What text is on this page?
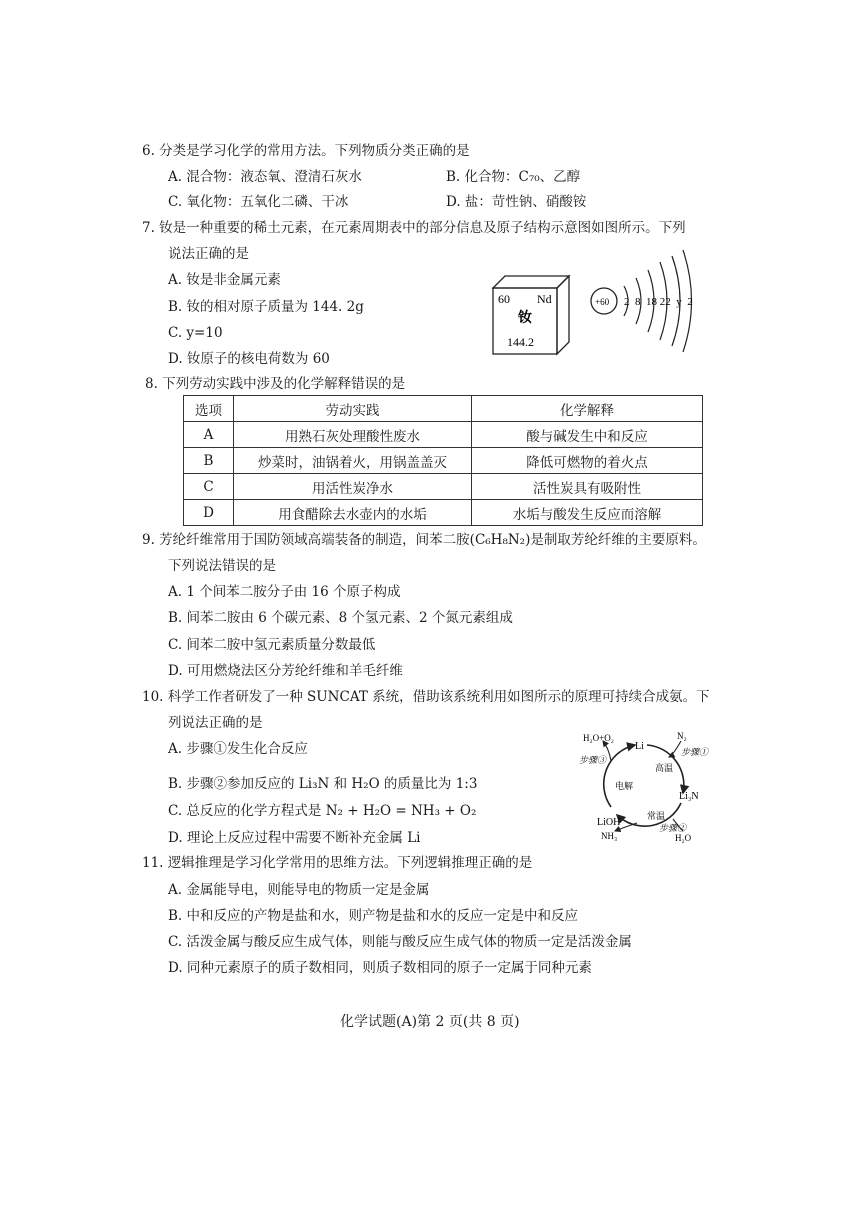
6. 分类是学习化学的常用方法。下列物质分类正确的是
A. 混合物：液态氧、澄清石灰水	B. 化合物：C₇₀、乙醇
C. 氧化物：五氧化二磷、干冰	D. 盐：苛性钠、硝酸铵
7. 钕是一种重要的稀土元素，在元素周期表中的部分信息及原子结构示意图如图所示。下列
说法正确的是
A. 钕是非金属元素
B. 钕的相对原子质量为 144. 2g
C. y=10
D. 钕原子的核电荷数为 60
60 Nd
钕
144.2
+60 2  8  18 22  y  2
8. 下列劳动实践中涉及的化学解释错误的是
选项	劳动实践	化学解释
A	用熟石灰处理酸性废水	酸与碱发生中和反应
B	炒菜时，油锅着火，用锅盖盖灭	降低可燃物的着火点
C	用活性炭净水	活性炭具有吸附性
D	用食醋除去水壶内的水垢	水垢与酸发生反应而溶解
9. 芳纶纤维常用于国防领域高端装备的制造，间苯二胺(C₆H₈N₂)是制取芳纶纤维的主要原料。
下列说法错误的是
A. 1 个间苯二胺分子由 16 个原子构成
B. 间苯二胺由 6 个碳元素、8 个氢元素、2 个氮元素组成
C. 间苯二胺中氢元素质量分数最低
D. 可用燃烧法区分芳纶纤维和羊毛纤维
10. 科学工作者研发了一种 SUNCAT 系统，借助该系统利用如图所示的原理可持续合成氨。下
列说法正确的是
A. 步骤①发生化合反应
B. 步骤②参加反应的 Li₃N 和 H₂O 的质量比为 1:3
C. 总反应的化学方程式是 N₂ + H₂O = NH₃ + O₂
D. 理论上反应过程中需要不断补充金属 Li
Li
Li₃N
LiOH
N₂
H₂O+O₂
NH₃	H₂O
步骤①
步骤②
步骤③
高温
常温
电解
11. 逻辑推理是学习化学常用的思维方法。下列逻辑推理正确的是
A. 金属能导电，则能导电的物质一定是金属
B. 中和反应的产物是盐和水，则产物是盐和水的反应一定是中和反应
C. 活泼金属与酸反应生成气体，则能与酸反应生成气体的物质一定是活泼金属
D. 同种元素原子的质子数相同，则质子数相同的原子一定属于同种元素
化学试题(A)第 2 页(共 8 页)
